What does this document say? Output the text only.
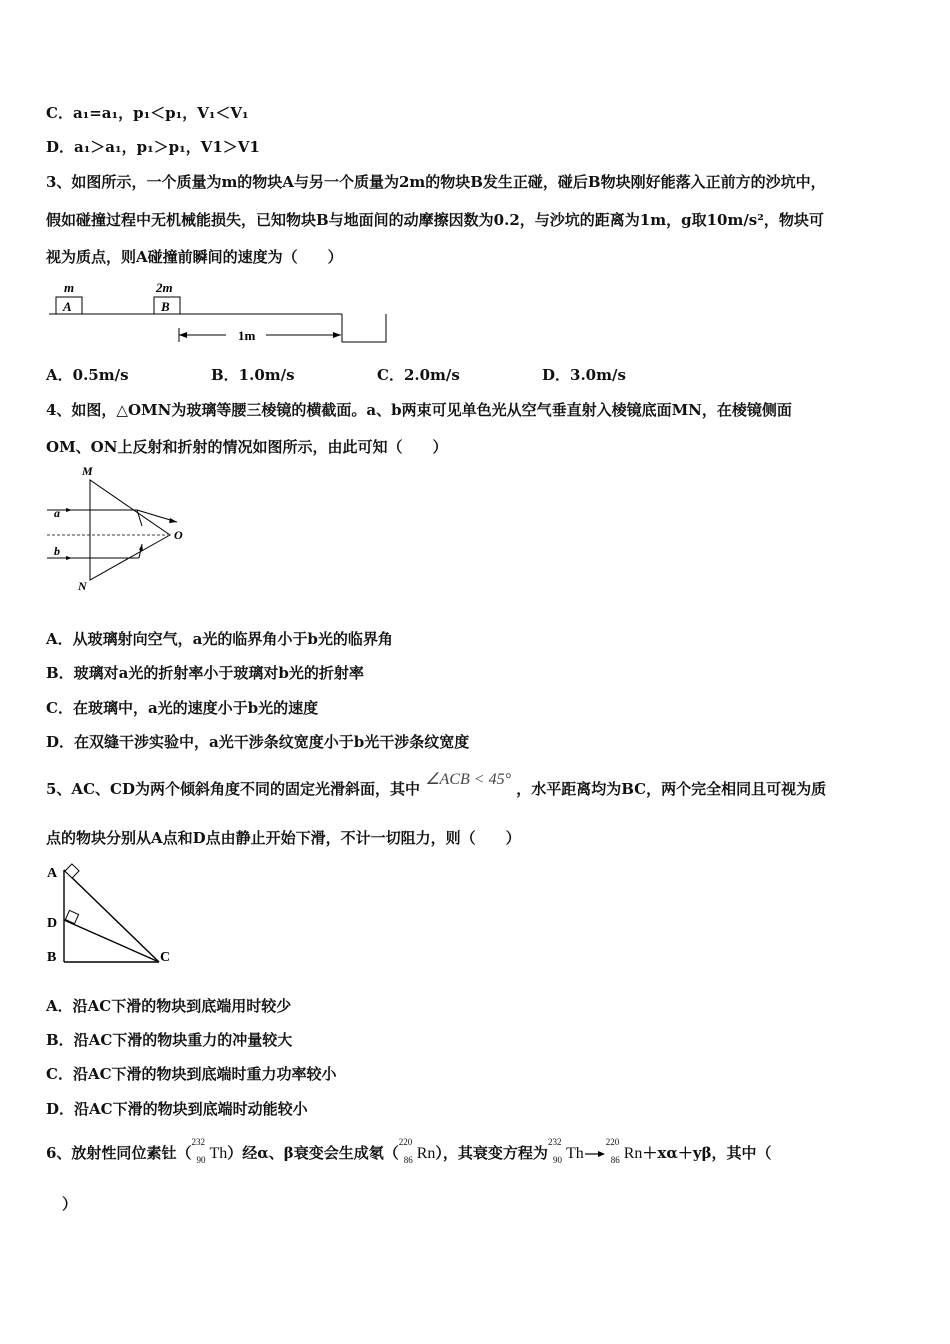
C．a₁=a₁，p₁＜p₁，V₁＜V₁
D．a₁＞a₁，p₁＞p₁，V1＞V1
3、如图所示，一个质量为m的物块A与另一个质量为2m的物块B发生正碰，碰后B物块刚好能落入正前方的沙坑中，
假如碰撞过程中无机械能损失，已知物块B与地面间的动摩擦因数为0.2，与沙坑的距离为1m，g取10m/s²，物块可
视为质点，则A碰撞前瞬间的速度为（　　）
m
A
2m
B
1m
A．0.5m/s	B．1.0m/s	C．2.0m/s	D．3.0m/s
4、如图，△OMN为玻璃等腰三棱镜的横截面。a、b两束可见单色光从空气垂直射入棱镜底面MN，在棱镜侧面
OM、ON上反射和折射的情况如图所示，由此可知（　　）
M
N
O
a
b
A．从玻璃射向空气，a光的临界角小于b光的临界角
B．玻璃对a光的折射率小于玻璃对b光的折射率
C．在玻璃中，a光的速度小于b光的速度
D．在双缝干涉实验中，a光干涉条纹宽度小于b光干涉条纹宽度
5、AC、CD为两个倾斜角度不同的固定光滑斜面，其中 ∠ACB < 45° ，水平距离均为BC，两个完全相同且可视为质
点的物块分别从A点和D点由静止开始下滑，不计一切阻力，则（　　）
A
D
B	C
A．沿AC下滑的物块到底端用时较少
B．沿AC下滑的物块重力的冲量较大
C．沿AC下滑的物块到底端时重力功率较小
D．沿AC下滑的物块到底端时动能较小
6、放射性同位素钍（
232
90 Th）经α、β衰变会生成氡（
220
86 Rn），其衰变方程为
232
90 Th→
220
86 Rn＋xα＋yβ，其中（
）
